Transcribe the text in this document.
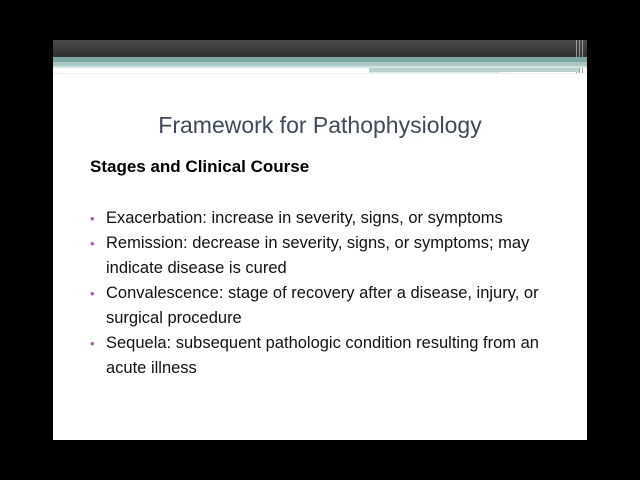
Framework for Pathophysiology
Stages and Clinical Course
• Exacerbation: increase in severity, signs, or symptoms
• Remission: decrease in severity, signs, or symptoms; may indicate disease is cured
• Convalescence: stage of recovery after a disease, injury, or surgical procedure
• Sequela: subsequent pathologic condition resulting from an acute illness
